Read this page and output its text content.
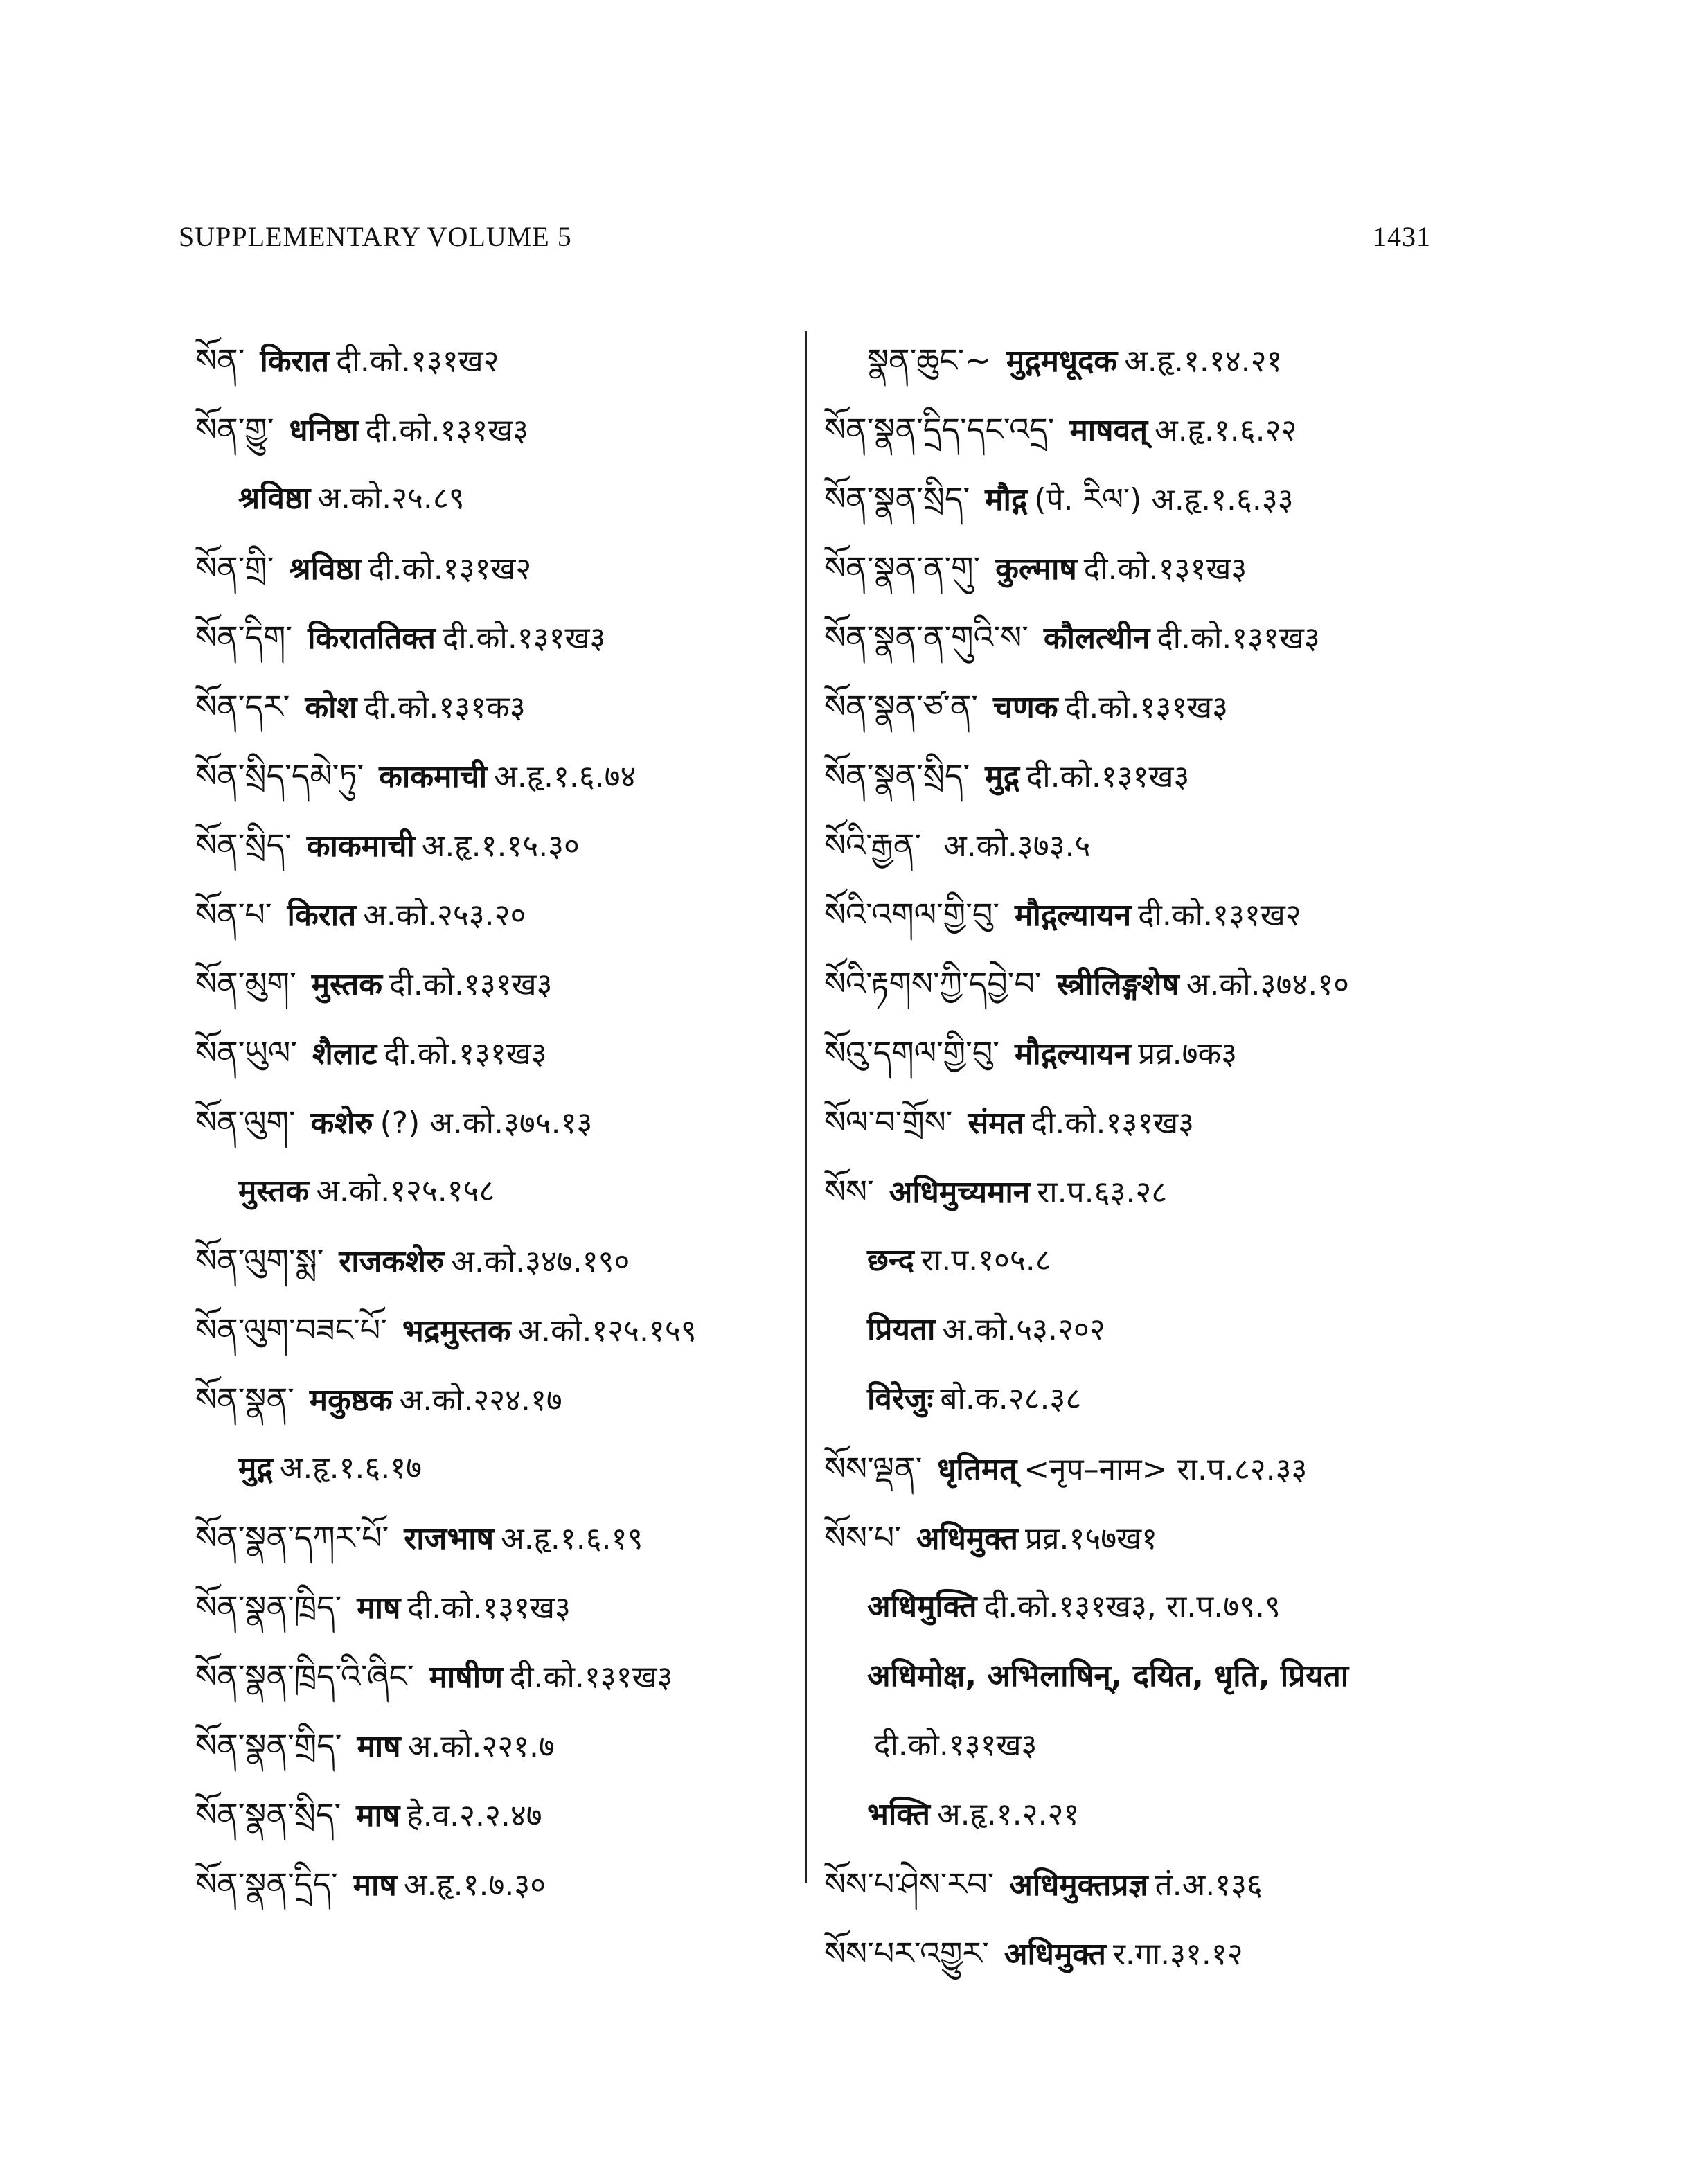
SUPPLEMENTARY VOLUME 5	1431
སོན་ किरात दी.को.१३१ख२
སོན་གྱུ་ धनिष्ठा दी.को.१३१ख३
श्रविष्ठा अ.को.२५.८९
སོན་གྲི་ श्रविष्ठा दी.को.१३१ख२
སོན་དིག་ किराततिक्त दी.को.१३१ख३
སོན་དར་ कोश दी.को.१३१क३
སོན་སྲིད་དམེ་ཏུ་ काकमाची अ.हृ.१.६.७४
སོན་སྲིད་ काकमाची अ.हृ.१.१५.३०
སོན་པ་ किरात अ.को.२५३.२०
སོན་མུག་ मुस्तक दी.को.१३१ख३
སོན་ཡུལ་ शैलाट दी.को.१३१ख३
སོན་ལུག་ कशेरु (?) अ.को.३७५.१३
मुस्तक अ.को.१२५.१५८
སོན་ལུག་སྨ་ राजकशेरु अ.को.३४७.१९०
སོན་ལུག་བཟང་པོ་ भद्रमुस्तक अ.को.१२५.१५९
སོན་སྣན་ मकुष्ठक अ.को.२२४.१७
मुद्ग अ.हृ.१.६.१७
སོན་སྣན་དཀར་པོ་ राजभाष अ.हृ.१.६.१९
སོན་སྣན་ཁྲིད་ माष दी.को.१३१ख३
སོན་སྣན་ཁྲིད་འི་ཞིང་ माषीण दी.को.१३१ख३
སོན་སྣན་གྲིད་ माष अ.को.२२१.७
སོན་སྣན་སྲིད་ माष हे.व.२.२.४७
སོན་སྣན་དྲིད་ माष अ.हृ.१.७.३०
སྣན་ཆུང་~ मुद्गमधूदक अ.हृ.१.१४.२१
སོན་སྣན་དྲིད་དང་འདྲ་ माषवत् अ.हृ.१.६.२२
སོན་སྣན་སྲིད་ मौद्ग (पे. རིལ་) अ.हृ.१.६.३३
སོན་སྣན་ན་གུ་ कुल्माष दी.को.१३१ख३
སོན་སྣན་ན་གུའི་ས་ कौलत्थीन दी.को.१३१ख३
སོན་སྣན་ཙ་ན་ चणक दी.को.१३१ख३
སོན་སྣན་སྲིད་ मुद्ग दी.को.१३१ख३
སོའི་རྒྱན་ अ.को.३७३.५
སོའི་འགལ་གྱི་བུ་ मौद्गल्यायन दी.को.१३१ख२
སོའི་རྟགས་ཀྱི་དབྱེ་བ་ स्त्रीलिङ्गशेष अ.को.३७४.१०
སོའུ་དགལ་གྱི་བུ་ मौद्गल्यायन प्रव्र.७क३
སོལ་བ་གྲོས་ संमत दी.को.१३१ख३
སོས་ अधिमुच्यमान रा.प.६३.२८
छन्द रा.प.१०५.८
प्रियता अ.को.५३.२०२
विरेजुः बो.क.२८.३८
སོས་ལྡན་ धृतिमत् <नृप–नाम> रा.प.८२.३३
སོས་པ་ अधिमुक्त प्रव्र.१५७ख१
अधिमुक्ति दी.को.१३१ख३, रा.प.७९.९
अधिमोक्ष, अभिलाषिन्, दयित, धृति, प्रियता
दी.को.१३१ख३
भक्ति अ.हृ.१.२.२१
སོས་པ་ཤེས་རབ་ अधिमुक्तप्रज्ञ तं.अ.१३६
སོས་པར་འགྱུར་ अधिमुक्त र.गा.३१.१२
